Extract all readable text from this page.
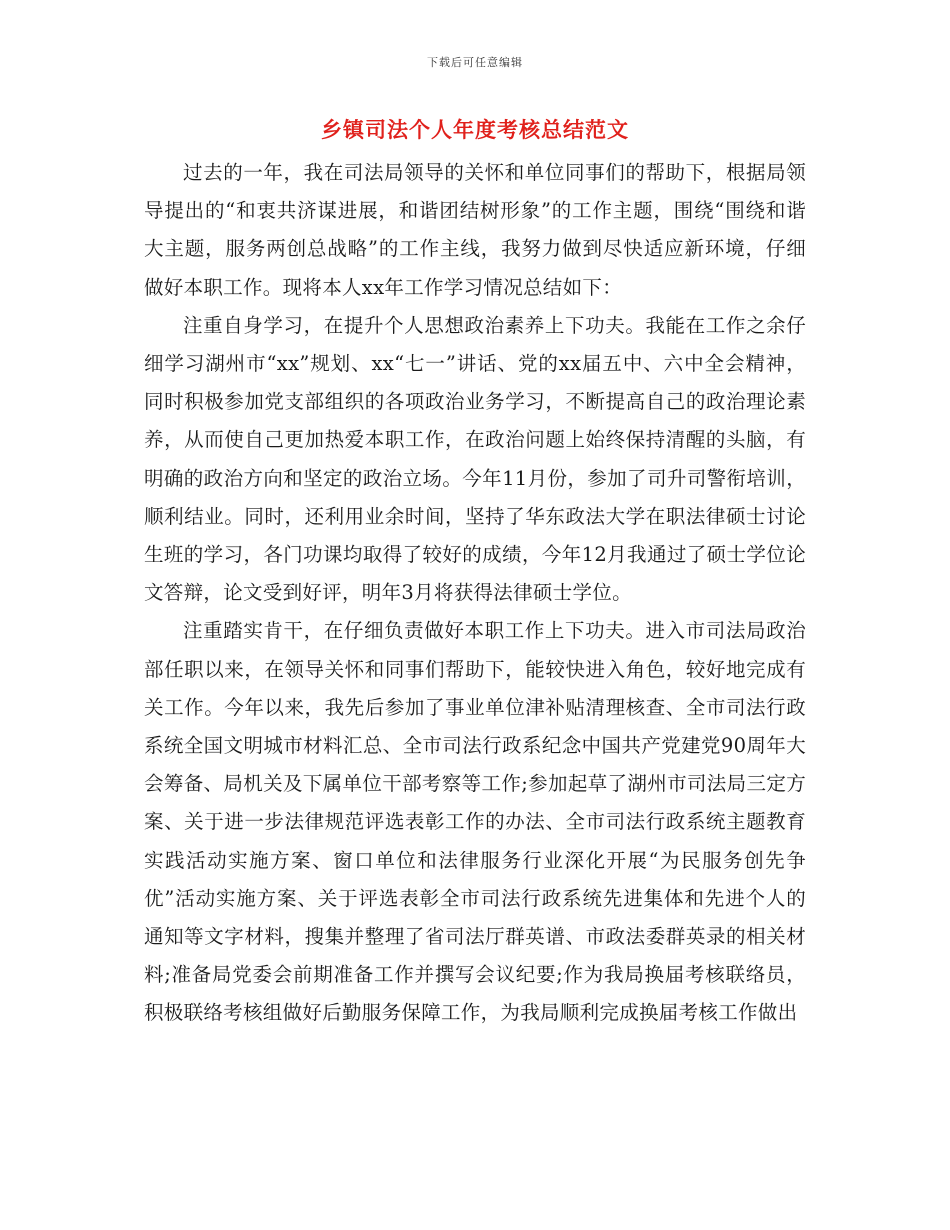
下载后可任意编辑
乡镇司法个人年度考核总结范文

过去的一年，我在司法局领导的关怀和单位同事们的帮助下，根据局领导提出的“和衷共济谋进展，和谐团结树形象”的工作主题，围绕“围绕和谐大主题，服务两创总战略”的工作主线，我努力做到尽快适应新环境，仔细做好本职工作。现将本人xx年工作学习情况总结如下：

注重自身学习，在提升个人思想政治素养上下功夫。我能在工作之余仔细学习湖州市“xx”规划、xx“七一”讲话、党的xx届五中、六中全会精神，同时积极参加党支部组织的各项政治业务学习，不断提高自己的政治理论素养，从而使自己更加热爱本职工作，在政治问题上始终保持清醒的头脑，有明确的政治方向和坚定的政治立场。今年11月份，参加了司升司警衔培训，顺利结业。同时，还利用业余时间，坚持了华东政法大学在职法律硕士讨论生班的学习，各门功课均取得了较好的成绩，今年12月我通过了硕士学位论文答辩，论文受到好评，明年3月将获得法律硕士学位。

注重踏实肯干，在仔细负责做好本职工作上下功夫。进入市司法局政治部任职以来，在领导关怀和同事们帮助下，能较快进入角色，较好地完成有关工作。今年以来，我先后参加了事业单位津补贴清理核查、全市司法行政系统全国文明城市材料汇总、全市司法行政系纪念中国共产党建党90周年大会筹备、局机关及下属单位干部考察等工作;参加起草了湖州市司法局三定方案、关于进一步法律规范评选表彰工作的办法、全市司法行政系统主题教育实践活动实施方案、窗口单位和法律服务行业深化开展“为民服务创先争优”活动实施方案、关于评选表彰全市司法行政系统先进集体和先进个人的通知等文字材料，搜集并整理了省司法厅群英谱、市政法委群英录的相关材料;准备局党委会前期准备工作并撰写会议纪要;作为我局换届考核联络员，积极联络考核组做好后勤服务保障工作，为我局顺利完成换届考核工作做出
